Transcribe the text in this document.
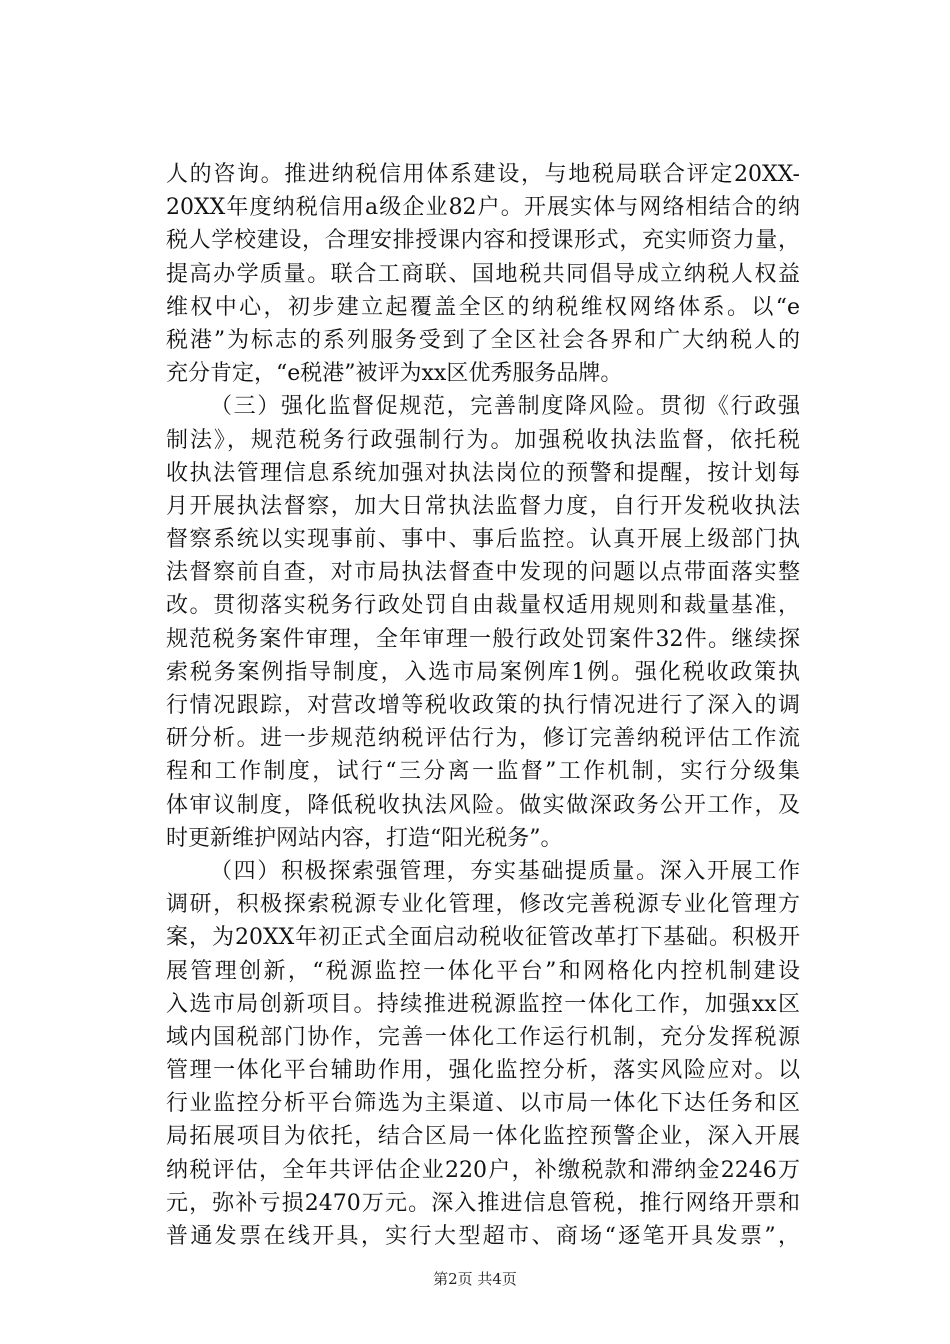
人的咨询。推进纳税信用体系建设，与地税局联合评定20XX-
20XX年度纳税信用a级企业82户。开展实体与网络相结合的纳
税人学校建设，合理安排授课内容和授课形式，充实师资力量，
提高办学质量。联合工商联、国地税共同倡导成立纳税人权益
维权中心，初步建立起覆盖全区的纳税维权网络体系。以“e
税港”为标志的系列服务受到了全区社会各界和广大纳税人的
充分肯定，“e税港”被评为xx区优秀服务品牌。
（三）强化监督促规范，完善制度降风险。贯彻《行政强
制法》，规范税务行政强制行为。加强税收执法监督，依托税
收执法管理信息系统加强对执法岗位的预警和提醒，按计划每
月开展执法督察，加大日常执法监督力度，自行开发税收执法
督察系统以实现事前、事中、事后监控。认真开展上级部门执
法督察前自查，对市局执法督查中发现的问题以点带面落实整
改。贯彻落实税务行政处罚自由裁量权适用规则和裁量基准，
规范税务案件审理，全年审理一般行政处罚案件32件。继续探
索税务案例指导制度，入选市局案例库1例。强化税收政策执
行情况跟踪，对营改增等税收政策的执行情况进行了深入的调
研分析。进一步规范纳税评估行为，修订完善纳税评估工作流
程和工作制度，试行“三分离一监督”工作机制，实行分级集
体审议制度，降低税收执法风险。做实做深政务公开工作，及
时更新维护网站内容，打造“阳光税务”。
（四）积极探索强管理，夯实基础提质量。深入开展工作
调研，积极探索税源专业化管理，修改完善税源专业化管理方
案，为20XX年初正式全面启动税收征管改革打下基础。积极开
展管理创新，“税源监控一体化平台”和网格化内控机制建设
入选市局创新项目。持续推进税源监控一体化工作，加强xx区
域内国税部门协作，完善一体化工作运行机制，充分发挥税源
管理一体化平台辅助作用，强化监控分析，落实风险应对。以
行业监控分析平台筛选为主渠道、以市局一体化下达任务和区
局拓展项目为依托，结合区局一体化监控预警企业，深入开展
纳税评估，全年共评估企业220户，补缴税款和滞纳金2246万
元，弥补亏损2470万元。深入推进信息管税，推行网络开票和
普通发票在线开具，实行大型超市、商场“逐笔开具发票”，
第2页 共4页
